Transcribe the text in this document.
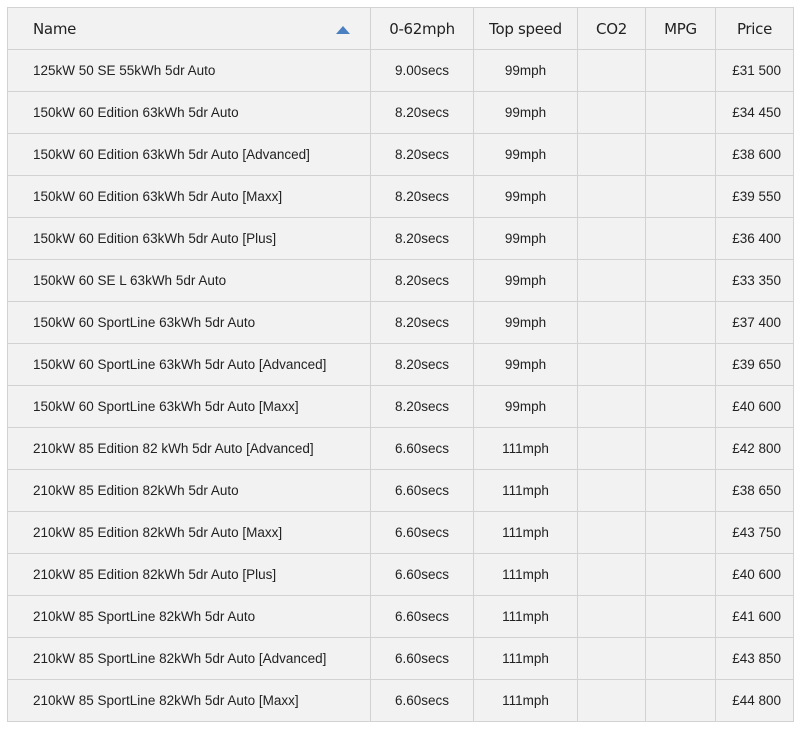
Name	0-62mph	Top speed	CO2	MPG	Price
125kW 50 SE 55kWh 5dr Auto	9.00secs	99mph			£31 500
150kW 60 Edition 63kWh 5dr Auto	8.20secs	99mph			£34 450
150kW 60 Edition 63kWh 5dr Auto [Advanced]	8.20secs	99mph			£38 600
150kW 60 Edition 63kWh 5dr Auto [Maxx]	8.20secs	99mph			£39 550
150kW 60 Edition 63kWh 5dr Auto [Plus]	8.20secs	99mph			£36 400
150kW 60 SE L 63kWh 5dr Auto	8.20secs	99mph			£33 350
150kW 60 SportLine 63kWh 5dr Auto	8.20secs	99mph			£37 400
150kW 60 SportLine 63kWh 5dr Auto [Advanced]	8.20secs	99mph			£39 650
150kW 60 SportLine 63kWh 5dr Auto [Maxx]	8.20secs	99mph			£40 600
210kW 85 Edition 82 kWh 5dr Auto [Advanced]	6.60secs	111mph			£42 800
210kW 85 Edition 82kWh 5dr Auto	6.60secs	111mph			£38 650
210kW 85 Edition 82kWh 5dr Auto [Maxx]	6.60secs	111mph			£43 750
210kW 85 Edition 82kWh 5dr Auto [Plus]	6.60secs	111mph			£40 600
210kW 85 SportLine 82kWh 5dr Auto	6.60secs	111mph			£41 600
210kW 85 SportLine 82kWh 5dr Auto [Advanced]	6.60secs	111mph			£43 850
210kW 85 SportLine 82kWh 5dr Auto [Maxx]	6.60secs	111mph			£44 800
